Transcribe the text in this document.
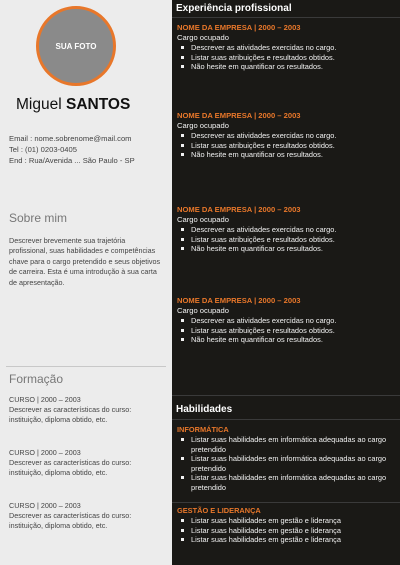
SUA FOTO
Miguel SANTOS
Email : nome.sobrenome@mail.com
Tel : (01) 0203-0405
End : Rua/Avenida ... São Paulo - SP
Sobre mim
Descrever brevemente sua trajetória profissional, suas habilidades e competências chave para o cargo pretendido e seus objetivos de carreira. Esta é uma introdução à sua carta de apresentação.
Formação
CURSO | 2000 – 2003
Descrever as características do curso: instituição, diploma obtido, etc.
CURSO | 2000 – 2003
Descrever as características do curso: instituição, diploma obtido, etc.
CURSO | 2000 – 2003
Descrever as características do curso: instituição, diploma obtido, etc.
Experiência profissional
NOME DA EMPRESA | 2000 – 2003
Cargo ocupado
Descrever as atividades exercidas no cargo.
Listar suas atribuições e resultados obtidos.
Não hesite em quantificar os resultados.
NOME DA EMPRESA | 2000 – 2003
Cargo ocupado
Descrever as atividades exercidas no cargo.
Listar suas atribuições e resultados obtidos.
Não hesite em quantificar os resultados.
NOME DA EMPRESA | 2000 – 2003
Cargo ocupado
Descrever as atividades exercidas no cargo.
Listar suas atribuições e resultados obtidos.
Não hesite em quantificar os resultados.
NOME DA EMPRESA | 2000 – 2003
Cargo ocupado
Descrever as atividades exercidas no cargo.
Listar suas atribuições e resultados obtidos.
Não hesite em quantificar os resultados.
Habilidades
INFORMÁTICA
Listar suas habilidades em informática adequadas ao cargo pretendido
Listar suas habilidades em informática adequadas ao cargo pretendido
Listar suas habilidades em informática adequadas ao cargo pretendido
GESTÃO E LIDERANÇA
Listar suas habilidades em gestão e liderança
Listar suas habilidades em gestão e liderança
Listar suas habilidades em gestão e liderança
